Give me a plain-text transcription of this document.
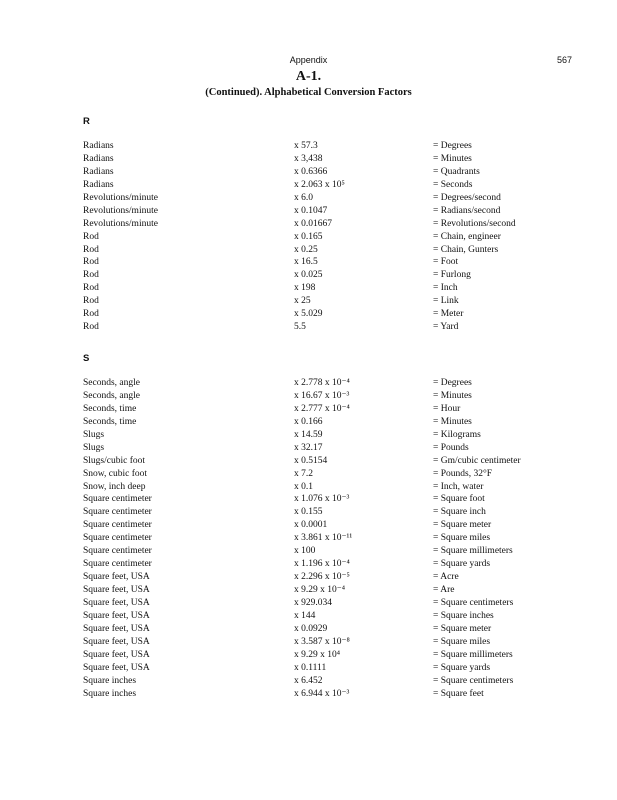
Appendix	567
A-1.
(Continued). Alphabetical Conversion Factors
R
Radians	x 57.3	= Degrees
Radians	x 3,438	= Minutes
Radians	x 0.6366	= Quadrants
Radians	x 2.063 x 10⁵	= Seconds
Revolutions/minute	x 6.0	= Degrees/second
Revolutions/minute	x 0.1047	= Radians/second
Revolutions/minute	x 0.01667	= Revolutions/second
Rod	x 0.165	= Chain, engineer
Rod	x 0.25	= Chain, Gunters
Rod	x 16.5	= Foot
Rod	x 0.025	= Furlong
Rod	x 198	= Inch
Rod	x 25	= Link
Rod	x 5.029	= Meter
Rod	5.5	= Yard
S
Seconds, angle	x 2.778 x 10⁻⁴	= Degrees
Seconds, angle	x 16.67 x 10⁻³	= Minutes
Seconds, time	x 2.777 x 10⁻⁴	= Hour
Seconds, time	x 0.166	= Minutes
Slugs	x 14.59	= Kilograms
Slugs	x 32.17	= Pounds
Slugs/cubic foot	x 0.5154	= Gm/cubic centimeter
Snow, cubic foot	x 7.2	= Pounds, 32°F
Snow, inch deep	x 0.1	= Inch, water
Square centimeter	x 1.076 x 10⁻³	= Square foot
Square centimeter	x 0.155	= Square inch
Square centimeter	x 0.0001	= Square meter
Square centimeter	x 3.861 x 10⁻¹¹	= Square miles
Square centimeter	x 100	= Square millimeters
Square centimeter	x 1.196 x 10⁻⁴	= Square yards
Square feet, USA	x 2.296 x 10⁻⁵	= Acre
Square feet, USA	x 9.29 x 10⁻⁴	= Are
Square feet, USA	x 929.034	= Square centimeters
Square feet, USA	x 144	= Square inches
Square feet, USA	x 0.0929	= Square meter
Square feet, USA	x 3.587 x 10⁻⁸	= Square miles
Square feet, USA	x 9.29 x 10⁴	= Square millimeters
Square feet, USA	x 0.1111	= Square yards
Square inches	x 6.452	= Square centimeters
Square inches	x 6.944 x 10⁻³	= Square feet
